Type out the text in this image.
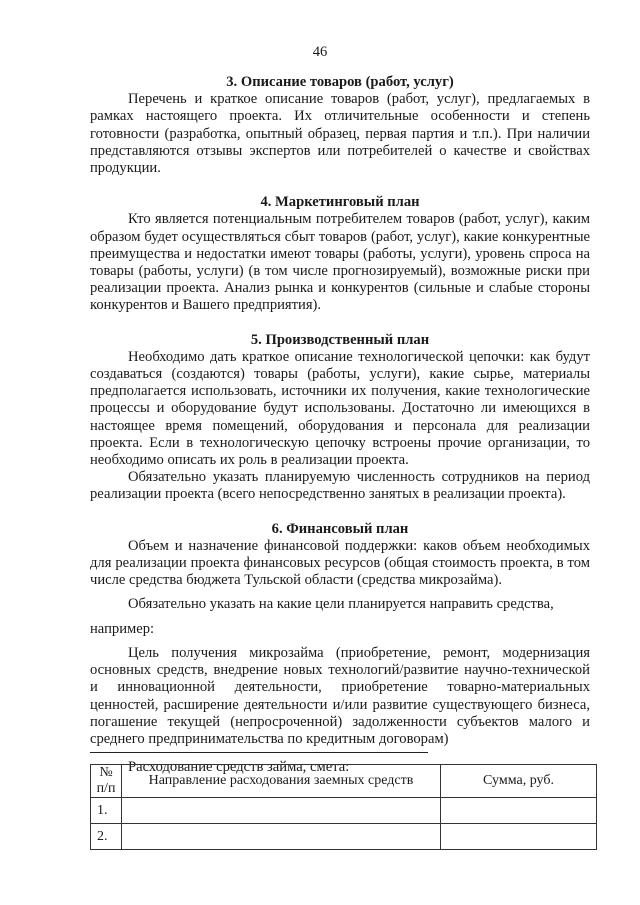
46
3. Описание товаров (работ, услуг)

Перечень и краткое описание товаров (работ, услуг), предлагаемых в рамках настоящего проекта. Их отличительные особенности и степень готовности (разработка, опытный образец, первая партия и т.п.). При наличии представляются отзывы экспертов или потребителей о качестве и свойствах продукции.

4. Маркетинговый план

Кто является потенциальным потребителем товаров (работ, услуг), каким образом будет осуществляться сбыт товаров (работ, услуг), какие конкурентные преимущества и недостатки имеют товары (работы, услуги), уровень спроса на товары (работы, услуги) (в том числе прогнозируемый), возможные риски при реализации проекта. Анализ рынка и конкурентов (сильные и слабые стороны конкурентов и Вашего предприятия).

5. Производственный план

Необходимо дать краткое описание технологической цепочки: как будут создаваться (создаются) товары (работы, услуги), какие сырье, материалы предполагается использовать, источники их получения, какие технологические процессы и оборудование будут использованы. Достаточно ли имеющихся в настоящее время помещений, оборудования и персонала для реализации проекта. Если в технологическую цепочку встроены прочие организации, то необходимо описать их роль в реализации проекта.

Обязательно указать планируемую численность сотрудников на период реализации проекта (всего непосредственно занятых в реализации проекта).

6. Финансовый план

Объем и назначение финансовой поддержки: каков объем необходимых для реализации проекта финансовых ресурсов (общая стоимость проекта, в том числе средства бюджета Тульской области (средства микрозайма).

Обязательно указать на какие цели планируется направить средства,

например:

Цель получения микрозайма (приобретение, ремонт, модернизация основных средств, внедрение новых технологий/развитие научно-технической и инновационной деятельности, приобретение товарно-материальных ценностей, расширение деятельности и/или развитие существующего бизнеса, погашение текущей (непросроченной) задолженности субъектов малого и среднего предпринимательства по кредитным договорам)

Расходование средств займа, смета:

№
п/п	Направление расходования заемных средств	Сумма, руб.
1.		
2.		
